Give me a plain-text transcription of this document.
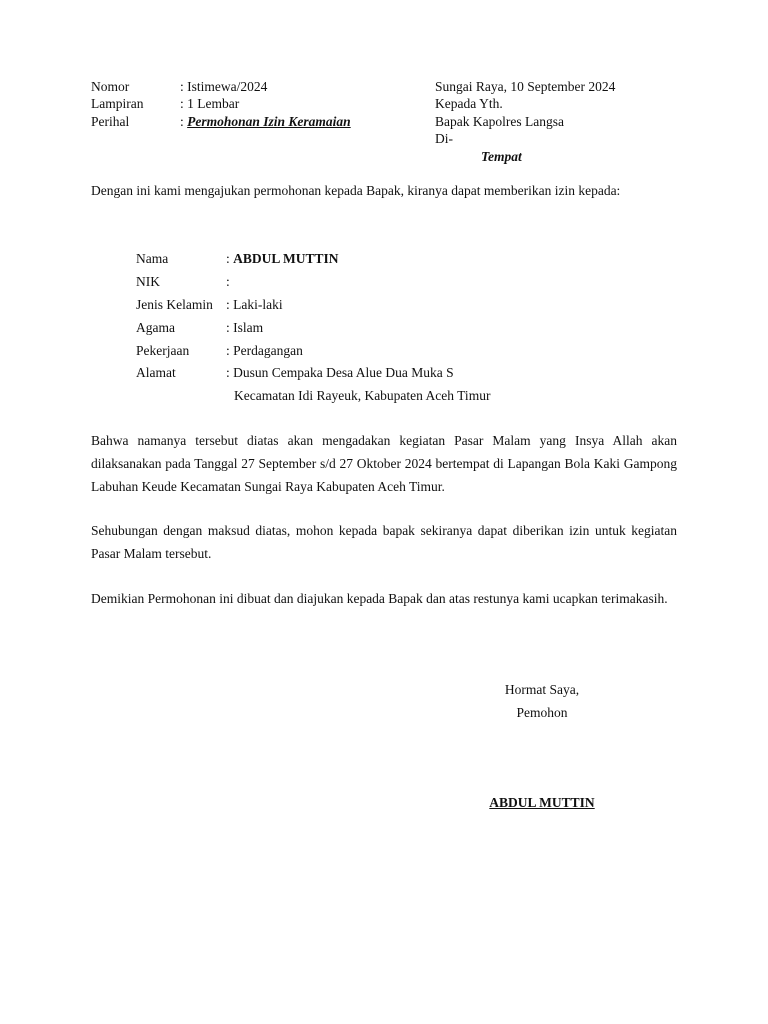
Nomor	: Istimewa/2024
Lampiran	: 1 Lembar
Perihal	: Permohonan Izin Keramaian
Sungai Raya, 10 September 2024
Kepada Yth.
Bapak Kapolres Langsa
Di-
Tempat
Dengan ini kami mengajukan permohonan kepada Bapak, kiranya dapat memberikan izin kepada:
Nama	: ABDUL MUTTIN
NIK	:
Jenis Kelamin : Laki-laki
Agama	: Islam
Pekerjaan	: Perdagangan
Alamat	: Dusun Cempaka Desa Alue Dua Muka S
Kecamatan Idi Rayeuk, Kabupaten Aceh Timur
Bahwa namanya tersebut diatas akan mengadakan kegiatan Pasar Malam yang Insya Allah akan dilaksanakan pada Tanggal 27 September s/d 27 Oktober 2024 bertempat di Lapangan Bola Kaki Gampong Labuhan Keude Kecamatan Sungai Raya Kabupaten Aceh Timur.
Sehubungan dengan maksud diatas, mohon kepada bapak sekiranya dapat diberikan izin untuk kegiatan Pasar Malam tersebut.
Demikian Permohonan ini dibuat dan diajukan kepada Bapak dan atas restunya kami ucapkan terimakasih.
Hormat Saya,
Pemohon
ABDUL MUTTIN
